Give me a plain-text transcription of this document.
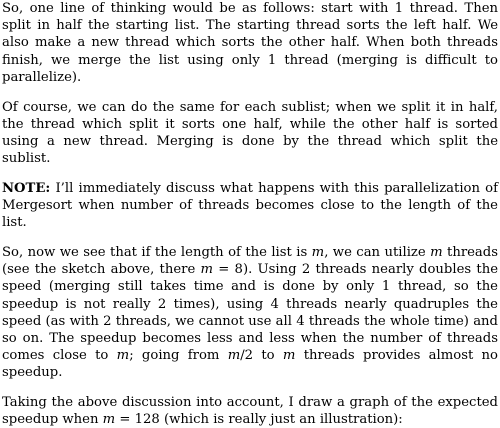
So, one line of thinking would be as follows: start with 1 thread. Then split in half the starting list. The starting thread sorts the left half. We also make a new thread which sorts the other half. When both threads finish, we merge the list using only 1 thread (merging is difficult to parallelize).

Of course, we can do the same for each sublist; when we split it in half, the thread which split it sorts one half, while the other half is sorted using a new thread. Merging is done by the thread which split the sublist.

NOTE: I’ll immediately discuss what happens with this parallelization of Mergesort when number of threads becomes close to the length of the list.

So, now we see that if the length of the list is m, we can utilize m threads (see the sketch above, there m = 8). Using 2 threads nearly doubles the speed (merging still takes time and is done by only 1 thread, so the speedup is not really 2 times), using 4 threads nearly quadruples the speed (as with 2 threads, we cannot use all 4 threads the whole time) and so on. The speedup becomes less and less when the number of threads comes close to m; going from m/2 to m threads provides almost no speedup.

Taking the above discussion into account, I draw a graph of the expected speedup when m = 128 (which is really just an illustration):
